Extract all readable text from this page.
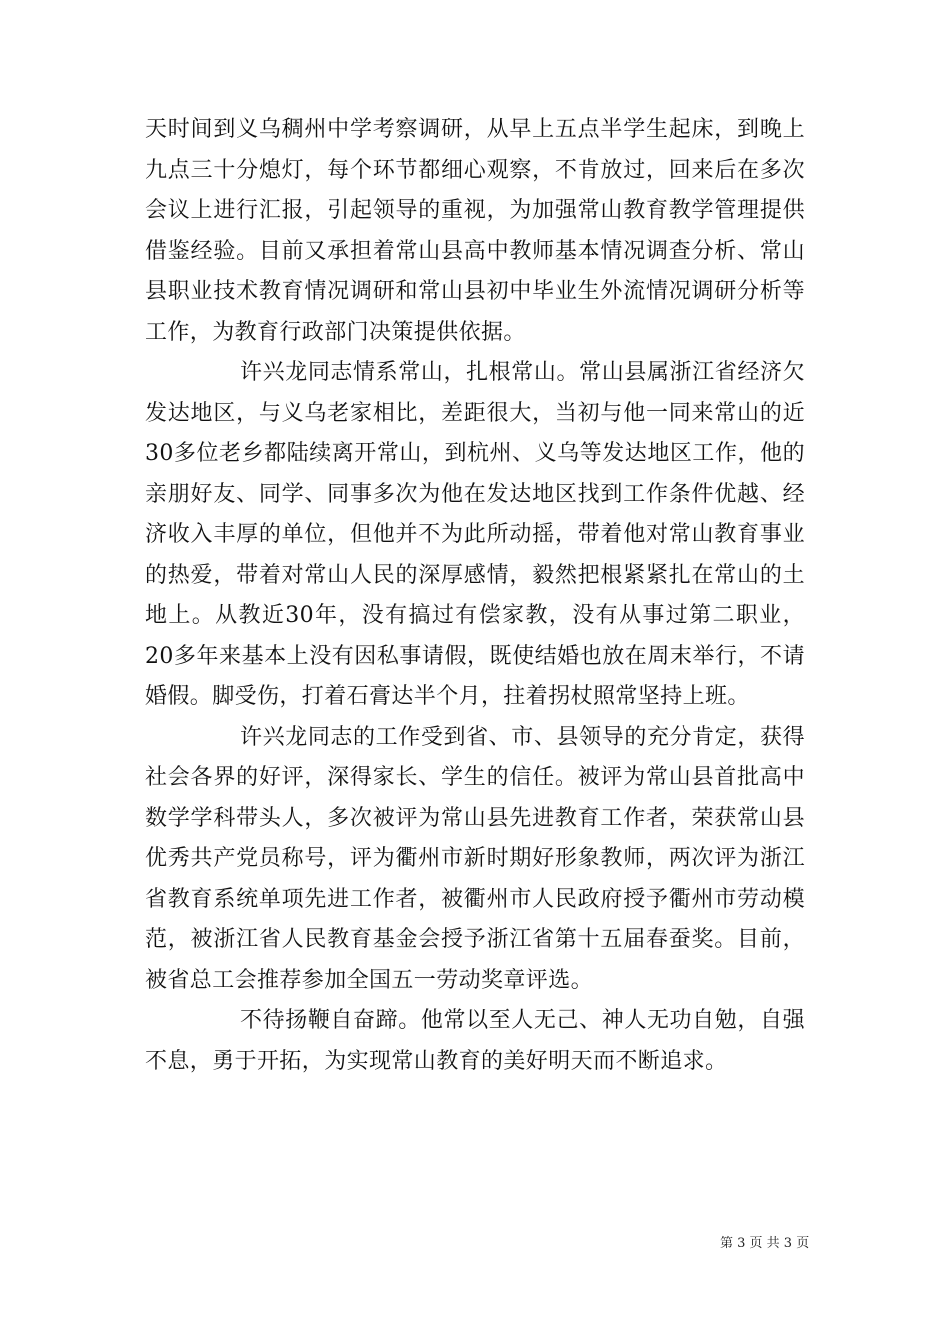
天时间到义乌稠州中学考察调研，从早上五点半学生起床，到晚上九点三十分熄灯，每个环节都细心观察，不肯放过，回来后在多次会议上进行汇报，引起领导的重视，为加强常山教育教学管理提供借鉴经验。目前又承担着常山县高中教师基本情况调查分析、常山县职业技术教育情况调研和常山县初中毕业生外流情况调研分析等工作，为教育行政部门决策提供依据。

许兴龙同志情系常山，扎根常山。常山县属浙江省经济欠发达地区，与义乌老家相比，差距很大，当初与他一同来常山的近30多位老乡都陆续离开常山，到杭州、义乌等发达地区工作，他的亲朋好友、同学、同事多次为他在发达地区找到工作条件优越、经济收入丰厚的单位，但他并不为此所动摇，带着他对常山教育事业的热爱，带着对常山人民的深厚感情，毅然把根紧紧扎在常山的土地上。从教近30年，没有搞过有偿家教，没有从事过第二职业，20多年来基本上没有因私事请假，既使结婚也放在周末举行，不请婚假。脚受伤，打着石膏达半个月，拄着拐杖照常坚持上班。

许兴龙同志的工作受到省、市、县领导的充分肯定，获得社会各界的好评，深得家长、学生的信任。被评为常山县首批高中数学学科带头人，多次被评为常山县先进教育工作者，荣获常山县优秀共产党员称号，评为衢州市新时期好形象教师，两次评为浙江省教育系统单项先进工作者，被衢州市人民政府授予衢州市劳动模范，被浙江省人民教育基金会授予浙江省第十五届春蚕奖。目前，被省总工会推荐参加全国五一劳动奖章评选。

不待扬鞭自奋蹄。他常以至人无己、神人无功自勉，自强不息，勇于开拓，为实现常山教育的美好明天而不断追求。

第 3 页 共 3 页
